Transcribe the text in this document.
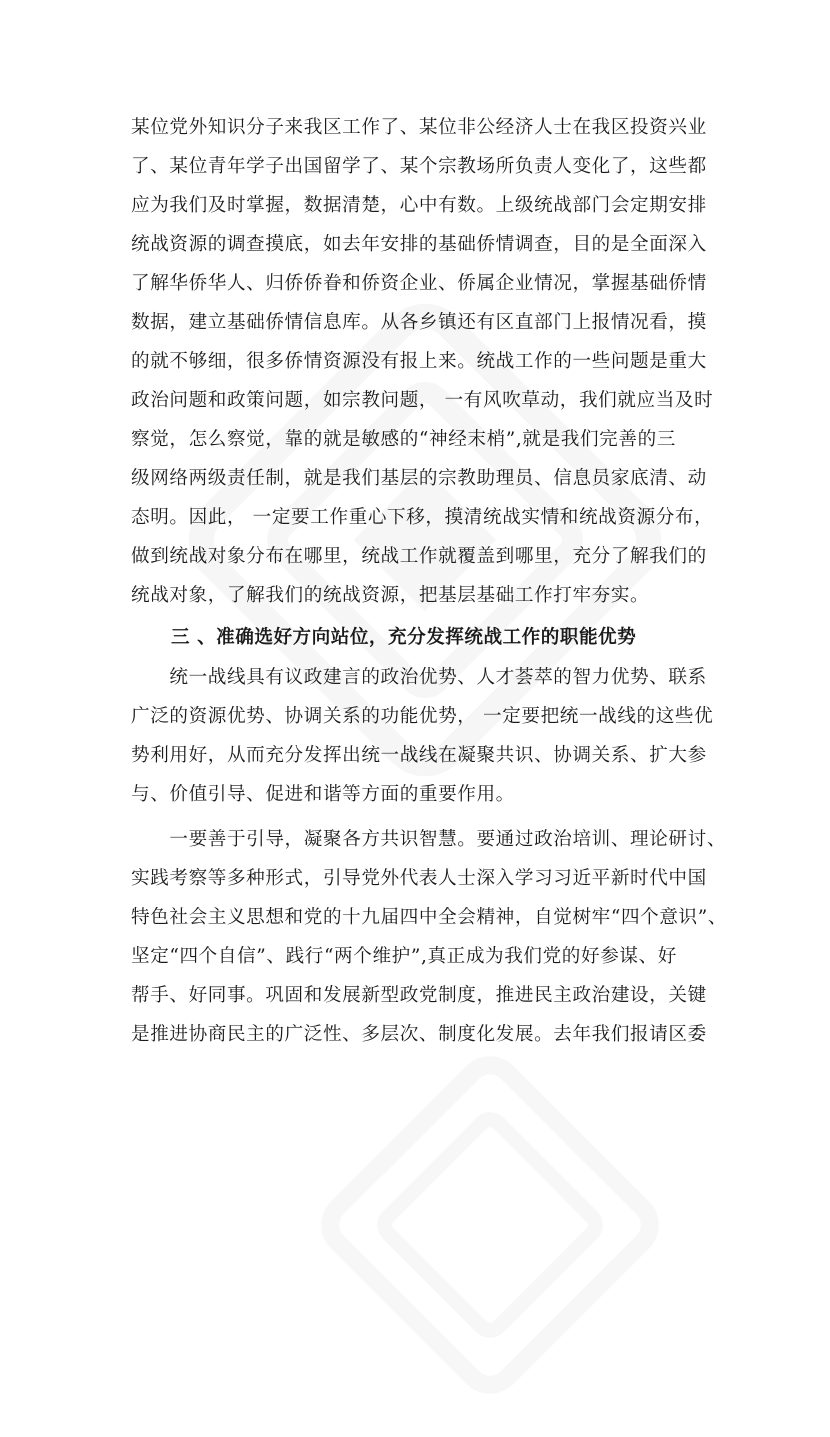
某位党外知识分子来我区工作了、某位非公经济人士在我区投资兴业
了、某位青年学子出国留学了、某个宗教场所负责人变化了，这些都
应为我们及时掌握，数据清楚，心中有数。上级统战部门会定期安排
统战资源的调查摸底，如去年安排的基础侨情调查，目的是全面深入
了解华侨华人、归侨侨眷和侨资企业、侨属企业情况，掌握基础侨情
数据，建立基础侨情信息库。从各乡镇还有区直部门上报情况看，摸
的就不够细，很多侨情资源没有报上来。统战工作的一些问题是重大
政治问题和政策问题，如宗教问题， 一有风吹草动，我们就应当及时
察觉，怎么察觉，靠的就是敏感的“神经末梢”,就是我们完善的三
级网络两级责任制，就是我们基层的宗教助理员、信息员家底清、动
态明。因此， 一定要工作重心下移，摸清统战实情和统战资源分布，
做到统战对象分布在哪里，统战工作就覆盖到哪里，充分了解我们的
统战对象，了解我们的统战资源，把基层基础工作打牢夯实。
三 、准确选好方向站位，充分发挥统战工作的职能优势
　　统一战线具有议政建言的政治优势、人才荟萃的智力优势、联系
广泛的资源优势、协调关系的功能优势， 一定要把统一战线的这些优
势利用好，从而充分发挥出统一战线在凝聚共识、协调关系、扩大参
与、价值引导、促进和谐等方面的重要作用。
　　一要善于引导，凝聚各方共识智慧。要通过政治培训、理论研讨、
实践考察等多种形式，引导党外代表人士深入学习习近平新时代中国
特色社会主义思想和党的十九届四中全会精神，自觉树牢“四个意识”、
坚定“四个自信”、践行“两个维护”,真正成为我们党的好参谋、好
帮手、好同事。巩固和发展新型政党制度，推进民主政治建设，关键
是推进协商民主的广泛性、多层次、制度化发展。去年我们报请区委
